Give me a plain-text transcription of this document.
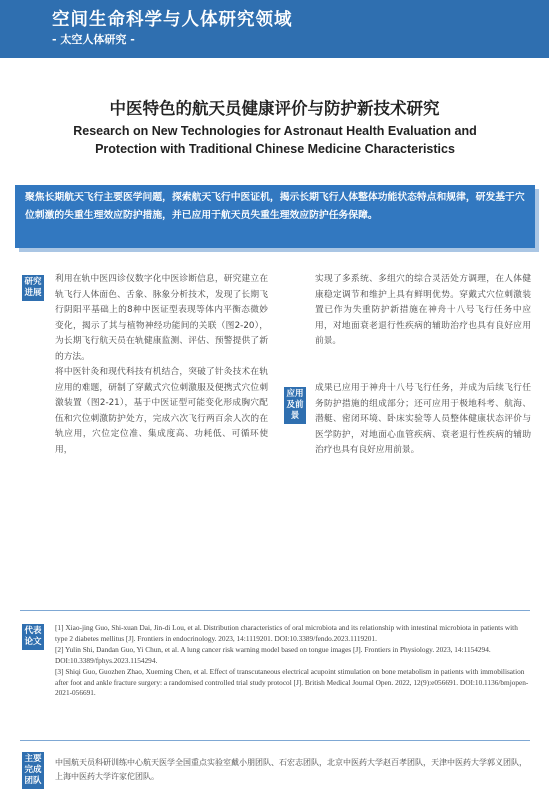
空间生命科学与人体研究领域
- 太空人体研究 -
中医特色的航天员健康评价与防护新技术研究
Research on New Technologies for Astronaut Health Evaluation and
Protection with Traditional Chinese Medicine Characteristics
聚焦长期航天飞行主要医学问题，探索航天飞行中医证机，揭示长期飞行人体整体功能状态特点和规律，研发基于穴位刺激的失重生理效应防护措施，并已应用于航天员失重生理效应防护任务保障。
研究进展
利用在轨中医四诊仪数字化中医诊断信息，研究建立在轨飞行人体面色、舌象、脉象分析技术，发现了长期飞行阴阳平基础上的8种中医证型表现等体内平衡态微妙变化，揭示了其与植物神经功能间的关联（图2-20），为长期飞行航天员在轨健康监测、评估、预警提供了新的方法。
将中医针灸和现代科技有机结合，突破了针灸技术在轨应用的难题，研制了穿戴式穴位刺激服及便携式穴位刺激装置（图2-21），基于中医证型可能变化形成胸穴配伍和穴位刺激防护处方，完成六次飞行两百余人次的在轨应用，穴位定位准、集成度高、功耗低、可循环使用，
实现了多系统、多组穴的综合灵活处方调理，在人体健康稳定调节和维护上具有鲜明优势。穿戴式穴位刺激装置已作为失重防护新措施在神舟十八号飞行任务中应用，对地面衰老退行性疾病的辅助治疗也具有良好应用前景。
应用及前景
成果已应用于神舟十八号飞行任务，并成为后续飞行任务防护措施的组成部分；还可应用于极地科考、航海、潜艇、密闭环境、卧床实验等人员整体健康状态评价与医学防护，对地面心血管疾病、衰老退行性疾病的辅助治疗也具有良好应用前景。
代表论文

[1] Xiao-jing Guo, Shi-xuan Dai, Jin-di Lou, et al. Distribution characteristics of oral microbiota and its relationship with intestinal microbiota in patients with type 2 diabetes mellitus [J]. Frontiers in endocrinology. 2023, 14:1119201. DOI:10.3389/fendo.2023.1119201.

[2] Yulin Shi, Dandan Guo, Yi Chun, et al. A lung cancer risk warning model based on tongue images [J]. Frontiers in Physiology. 2023, 14:1154294. DOI:10.3389/fphys.2023.1154294.

[3] Shiqi Guo, Guozhen Zhao, Xueming Chen, et al. Effect of transcutaneous electrical acupoint stimulation on bone metabolism in patients with immobilisation after foot and ankle fracture surgery: a randomised controlled trial study protocol [J]. British Medical Journal Open. 2022, 12(9):e056691. DOI:10.1136/bmjopen-2021-056691.

主要完成团队
中国航天员科研训练中心航天医学全国重点实验室戴小朋团队、石宏志团队，北京中医药大学赵百孝团队，天津中医药大学郭义团队，上海中医药大学许家佗团队。
